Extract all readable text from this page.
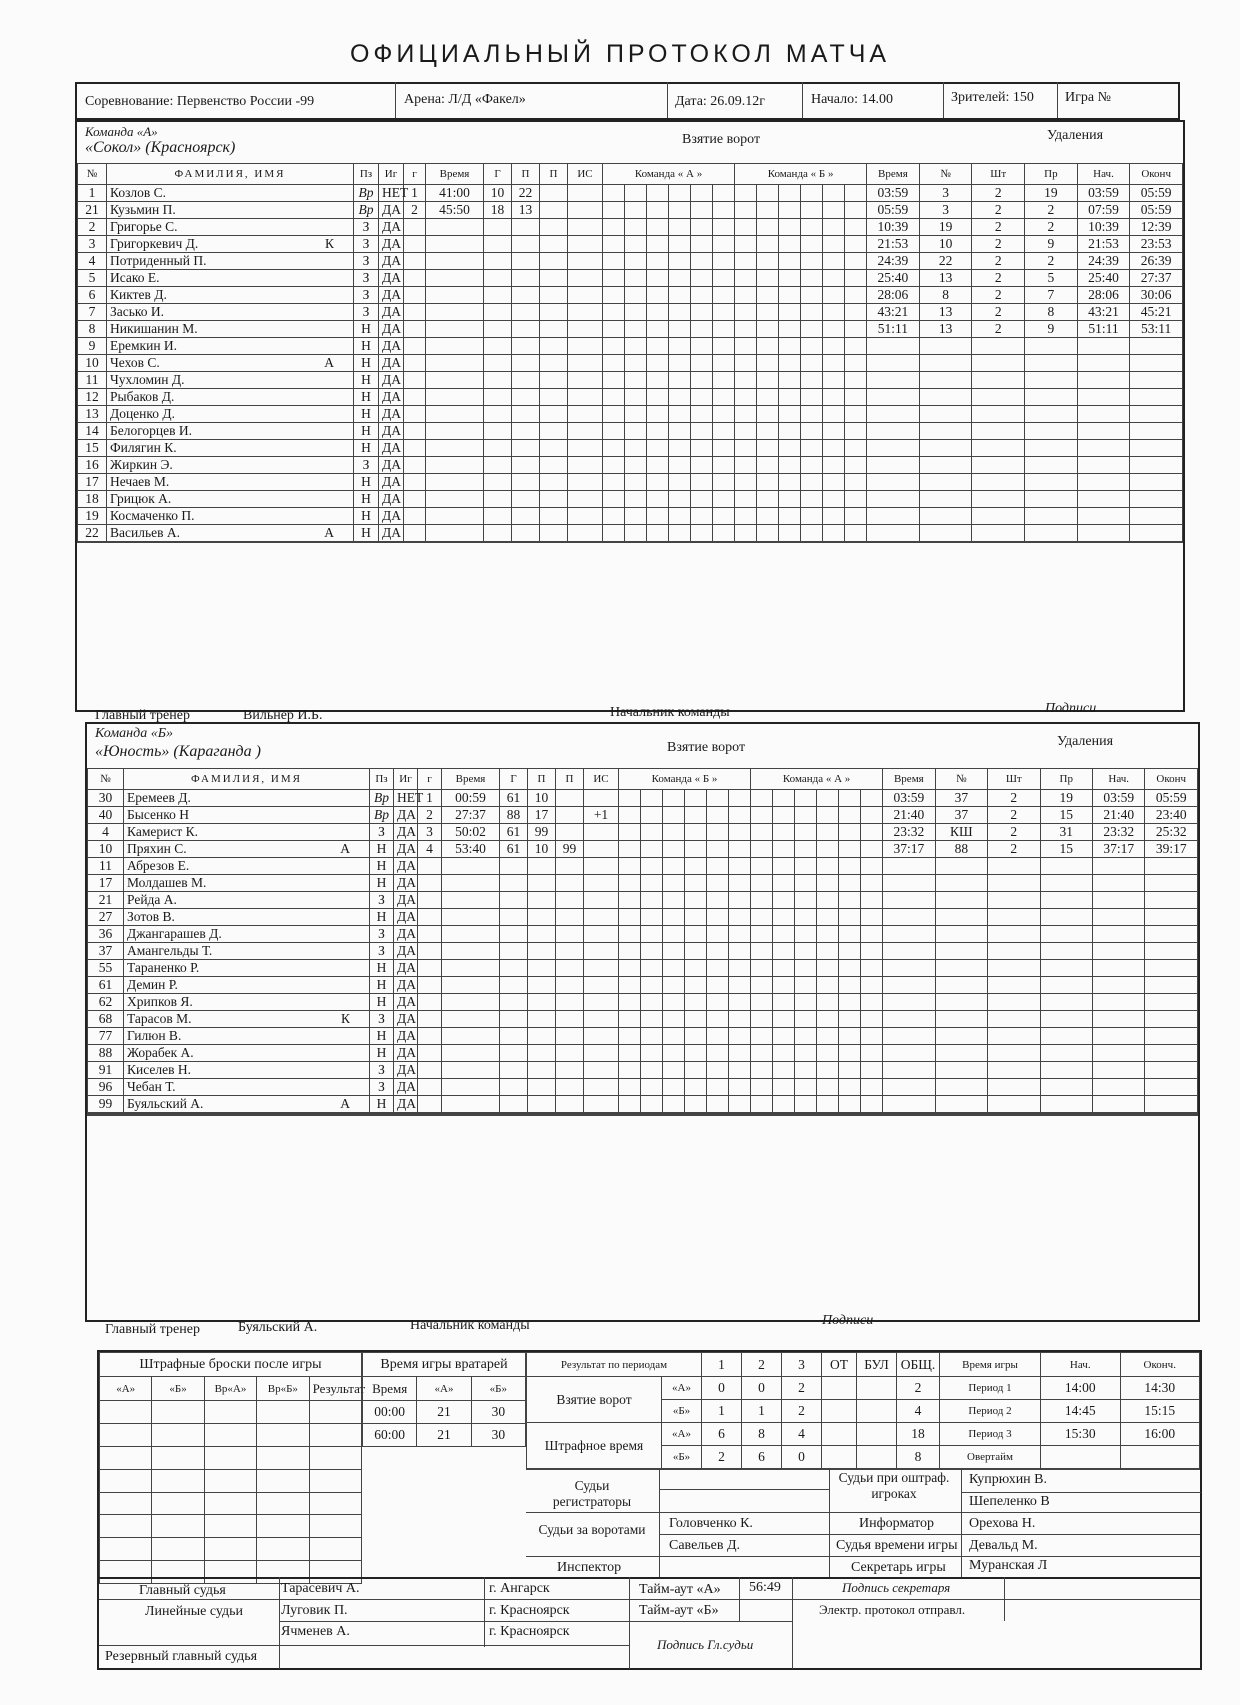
ОФИЦИАЛЬНЫЙ ПРОТОКОЛ МАТЧА
Соревнование: Первенство России -99	Арена: Л/Д «Факел»	Дата: 26.09.12г	Начало: 14.00	Зрителей: 150 Игра №
Команда «А»
«Сокол» (Красноярск)	Взятие ворот	Удаления
№	ФАМИЛИЯ, ИМЯ	Пз	Иг	г	Время	Г	П	П	ИС	Команда « А »						Команда « Б »						Время	№	Шт	Пр	Нач.	Оконч
1	Козлов С.	Вр	НЕТ	1	41:00	10	22															03:59	3	2	19	03:59	05:59
21	Кузьмин П.	Вр	ДА	2	45:50	18	13															05:59	3	2	2	07:59	05:59
2	Григорье С.	З	ДА																			10:39	19	2	2	10:39	12:39
3	Григоркевич Д. К	З	ДА																			21:53	10	2	9	21:53	23:53
4	Потриденный П.	З	ДА																			24:39	22	2	2	24:39	26:39
5	Исако Е.	З	ДА																			25:40	13	2	5	25:40	27:37
6	Киктев Д.	З	ДА																			28:06	8	2	7	28:06	30:06
7	Засько И.	З	ДА																			43:21	13	2	8	43:21	45:21
8	Никишанин М.	Н	ДА																			51:11	13	2	9	51:11	53:11
9	Еремкин И.	Н	ДА																								
10	Чехов С. А	Н	ДА																								
11	Чухломин Д.	Н	ДА																								
12	Рыбаков Д.	Н	ДА																								
13	Доценко Д.	Н	ДА																								
14	Белогорцев И.	Н	ДА																								
15	Филягин К.	Н	ДА																								
16	Жиркин Э.	З	ДА																								
17	Нечаев М.	Н	ДА																								
18	Грицюк А.	Н	ДА																								
19	Космаченко П.	Н	ДА																								
22	Васильев А. А	Н	ДА																								

Главный тренер	Вильнер И.Б.	Начальник команды	Подписи
Команда «Б»
«Юность» (Караганда )	Взятие ворот	Удаления
№	ФАМИЛИЯ, ИМЯ	Пз	Иг	г	Время	Г	П	П	ИС	Команда « Б »						Команда « А »						Время	№	Шт	Пр	Нач.	Оконч
30	Еремеев Д.	Вр	НЕТ	1	00:59	61	10															03:59	37	2	19	03:59	05:59
40	Бысенко Н	Вр	ДА	2	27:37	88	17		+1													21:40	37	2	15	21:40	23:40
4	Камерист К.	З	ДА	3	50:02	61	99															23:32	КШ	2	31	23:32	25:32
10	Пряхин С. А	Н	ДА	4	53:40	61	10	99														37:17	88	2	15	37:17	39:17
11	Абрезов Е.	Н	ДА																								
17	Молдашев М.	Н	ДА																								
21	Рейда А.	З	ДА																								
27	Зотов В.	Н	ДА																								
36	Джангарашев Д.	З	ДА																								
37	Амангельды Т.	З	ДА																								
55	Тараненко Р.	Н	ДА																								
61	Демин Р.	Н	ДА																								
62	Хрипков Я.	Н	ДА																								
68	Тарасов М. К	З	ДА																								
77	Гилюн В.	Н	ДА																								
88	Жорабек А.	Н	ДА																								
91	Киселев Н.	З	ДА																								
96	Чебан Т.	З	ДА																								
99	Буяльский А. А	Н	ДА																								

Главный тренер	Буяльский А.	Начальник команды	Подписи
Штрафные броски после игры				
«А»	«Б»	Вр«А»	Вр«Б»	Результат

Время игры вратарей		
Время	«А»	«Б»
00:00	21	30
60:00	21	30
Результат по периодам		1	2	3	ОТ	БУЛ	ОБЩ.
Взятие ворот	«А»	0	0	2			2
	«Б»	1	1	2			4
Штрафное время	«А»	6	8	4			18
	«Б»	2	6	0			8
Время игры	Нач.	Оконч.
Период 1	14:00	14:30
Период 2	14:45	15:15
Период 3	15:30	16:00
Овертайм		
Судьи регистраторы
Судьи при оштраф. игроках
Купрюхин В.
Шепеленко В
Судьи за воротами Головченко К.	Информатор Орехова Н.
Савельев Д.	Судья времени игры Девальд М.
Инспектор	Секретарь игры Муранская Л
Главный судья	Тарасевич А.	г. Ангарск
Линейные судьи	Луговик П.	г. Красноярск
Ячменев А.	г. Красноярск
Резервный главный судья
Тайм-аут «А» 56:49
Тайм-аут «Б»
Подпись секретаря
Электр. протокол отправл.
Подпись Гл.судьи
